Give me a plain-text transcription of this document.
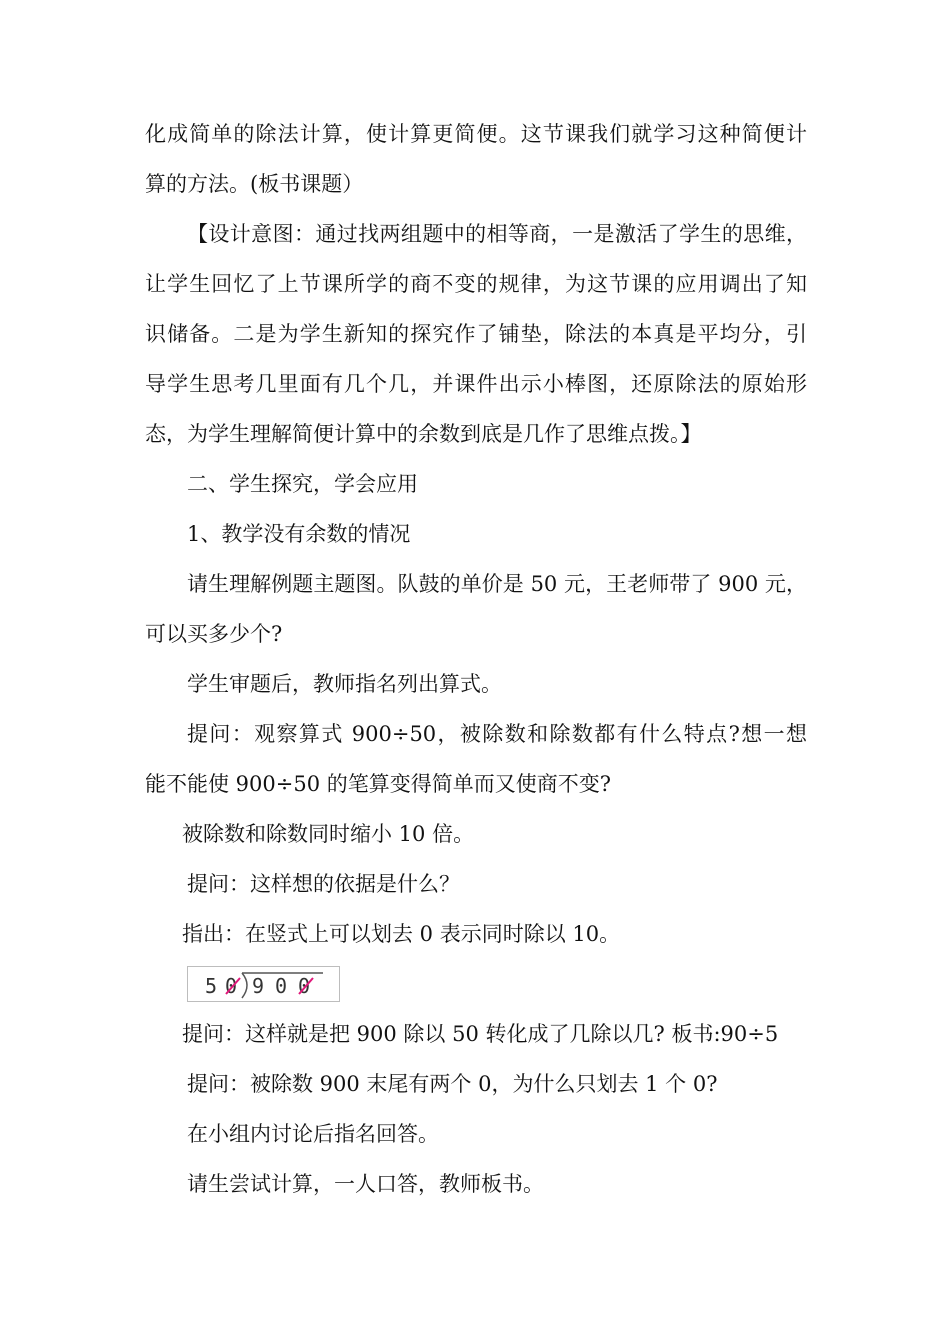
化成简单的除法计算，使计算更简便。这节课我们就学习这种简便计
算的方法。(板书课题）
【设计意图：通过找两组题中的相等商，一是激活了学生的思维，
让学生回忆了上节课所学的商不变的规律，为这节课的应用调出了知
识储备。二是为学生新知的探究作了铺垫，除法的本真是平均分，引
导学生思考几里面有几个几，并课件出示小棒图，还原除法的原始形
态，为学生理解简便计算中的余数到底是几作了思维点拨。】
二、学生探究，学会应用
1、教学没有余数的情况
请生理解例题主题图。队鼓的单价是 50 元，王老师带了 900 元，
可以买多少个?
学生审题后，教师指名列出算式。
提问：观察算式 900÷50，被除数和除数都有什么特点?想一想
能不能使 900÷50 的笔算变得简单而又使商不变?
被除数和除数同时缩小 10 倍。
提问：这样想的依据是什么？
指出：在竖式上可以划去 0 表示同时除以 10。
5 0 9 0 0
提问：这样就是把 900 除以 50 转化成了几除以几? 板书:90÷5
提问：被除数 900 末尾有两个 0，为什么只划去 1 个 0?
在小组内讨论后指名回答。
请生尝试计算，一人口答，教师板书。
